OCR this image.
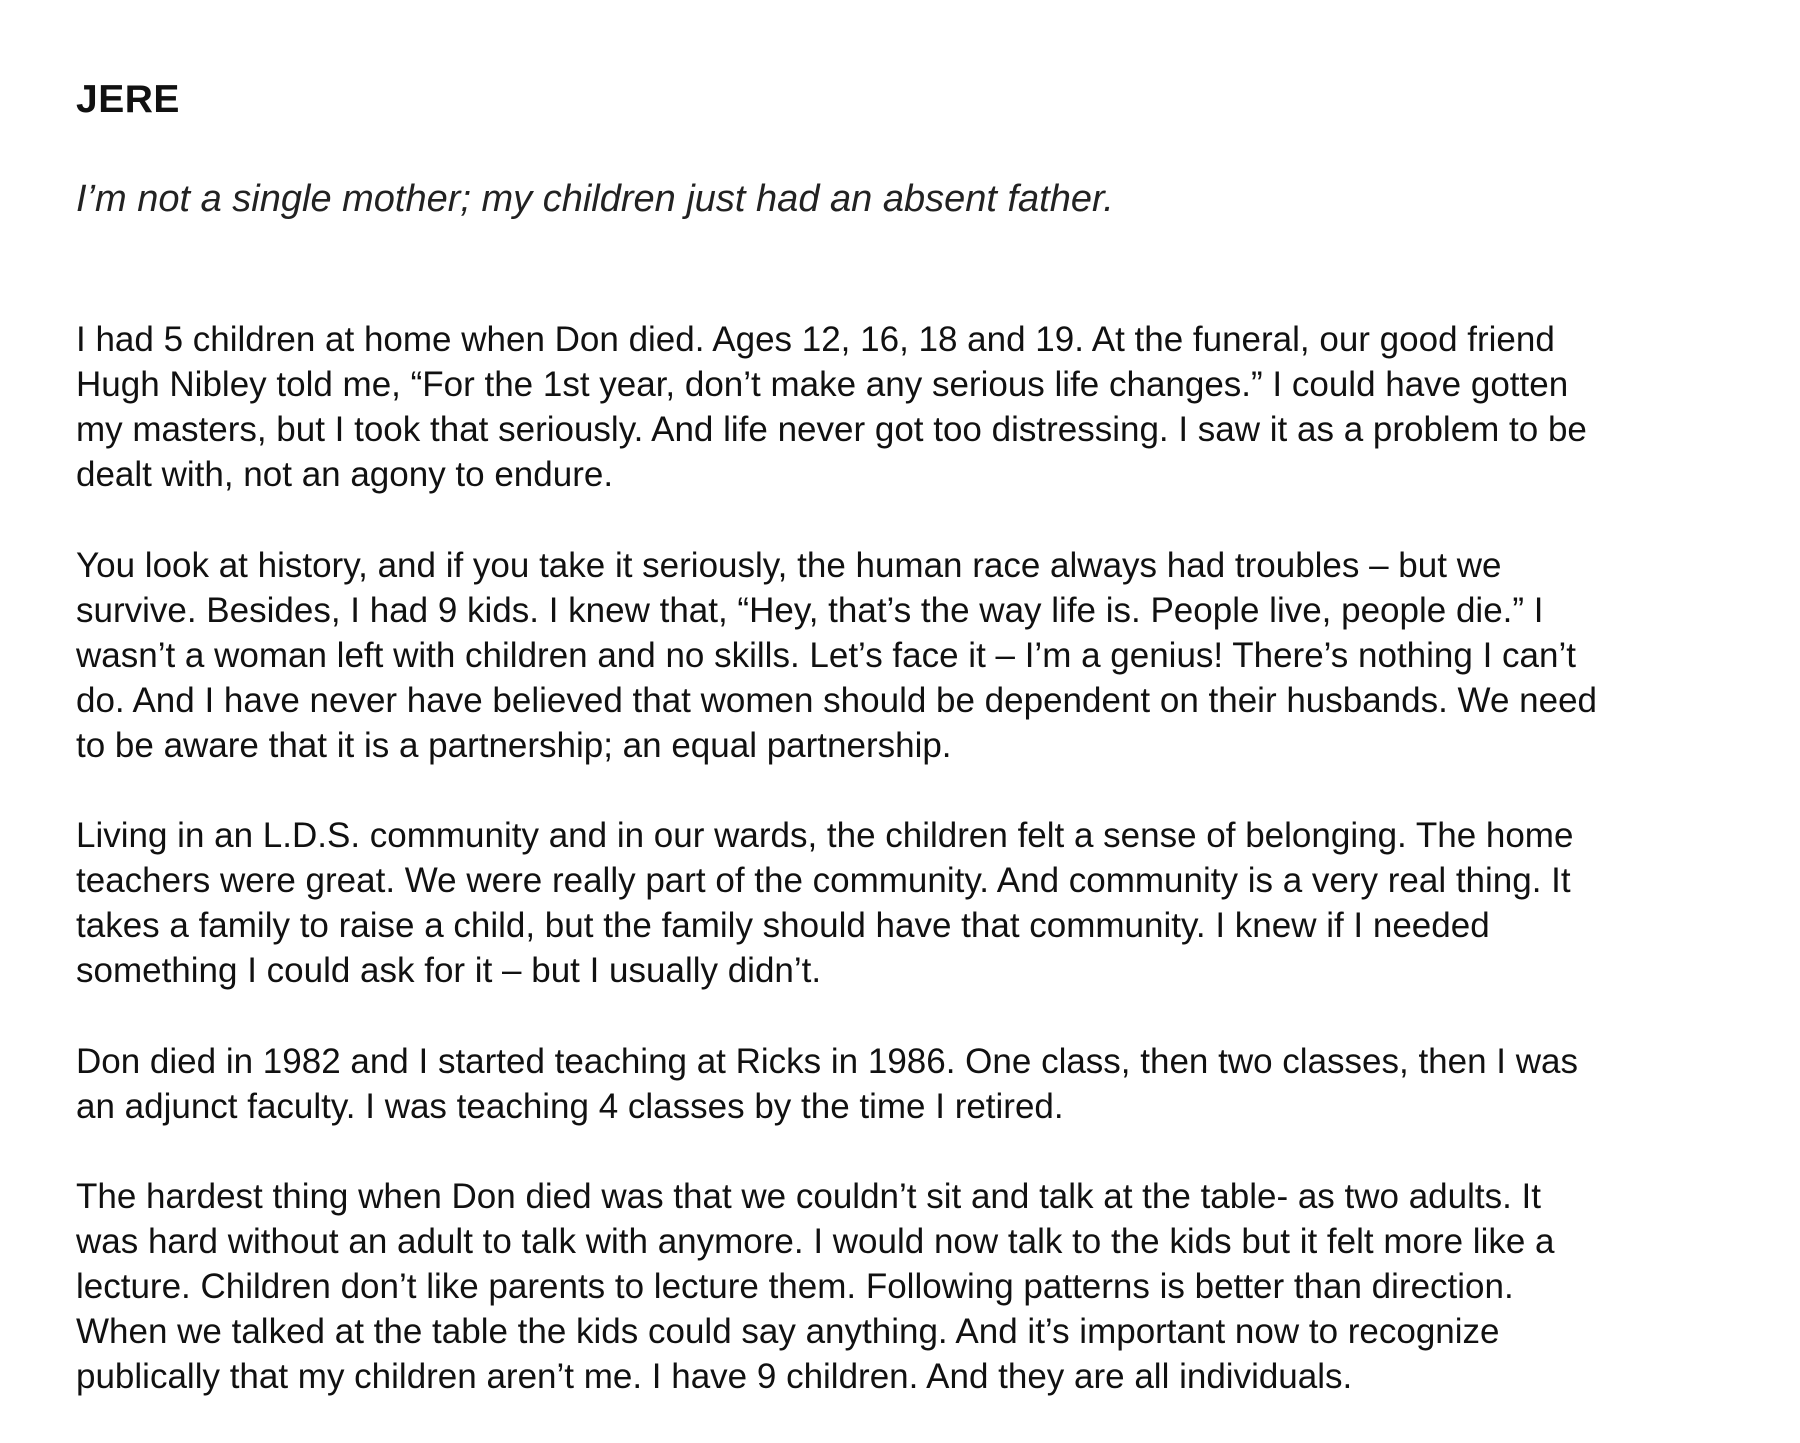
JERE

I’m not a single mother; my children just had an absent father.

I had 5 children at home when Don died. Ages 12, 16, 18 and 19. At the funeral, our good friend
Hugh Nibley told me, “For the 1st year, don’t make any serious life changes.” I could have gotten
my masters, but I took that seriously. And life never got too distressing. I saw it as a problem to be
dealt with, not an agony to endure.

You look at history, and if you take it seriously, the human race always had troubles – but we
survive. Besides, I had 9 kids. I knew that, “Hey, that’s the way life is. People live, people die.” I
wasn’t a woman left with children and no skills. Let’s face it – I’m a genius! There’s nothing I can’t
do. And I have never have believed that women should be dependent on their husbands. We need
to be aware that it is a partnership; an equal partnership.

Living in an L.D.S. community and in our wards, the children felt a sense of belonging. The home
teachers were great. We were really part of the community. And community is a very real thing. It
takes a family to raise a child, but the family should have that community. I knew if I needed
something I could ask for it – but I usually didn’t.

Don died in 1982 and I started teaching at Ricks in 1986. One class, then two classes, then I was
an adjunct faculty. I was teaching 4 classes by the time I retired.

The hardest thing when Don died was that we couldn’t sit and talk at the table- as two adults. It
was hard without an adult to talk with anymore. I would now talk to the kids but it felt more like a
lecture. Children don’t like parents to lecture them. Following patterns is better than direction.
When we talked at the table the kids could say anything. And it’s important now to recognize
publically that my children aren’t me. I have 9 children. And they are all individuals.
